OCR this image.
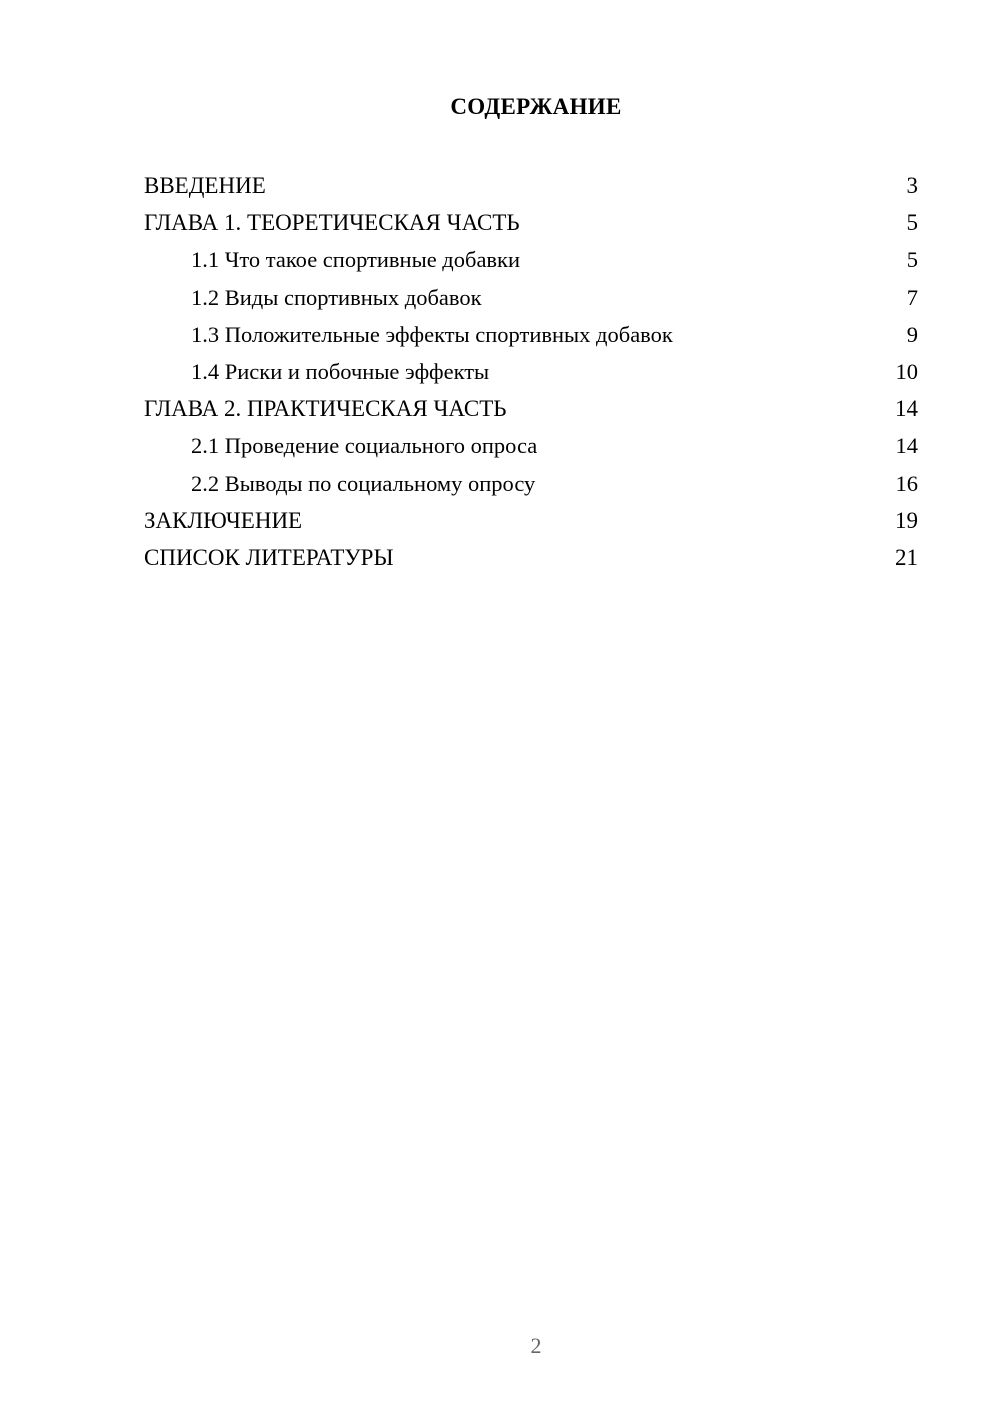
СОДЕРЖАНИЕ
ВВЕДЕНИЕ	3
ГЛАВА 1. ТЕОРЕТИЧЕСКАЯ ЧАСТЬ	5
1.1 Что такое спортивные добавки	5
1.2 Виды спортивных добавок	7
1.3 Положительные эффекты спортивных добавок	9
1.4 Риски и побочные эффекты	10
ГЛАВА 2. ПРАКТИЧЕСКАЯ ЧАСТЬ	14
2.1 Проведение социального опроса	14
2.2 Выводы по социальному опросу	16
ЗАКЛЮЧЕНИЕ	19
СПИСОК ЛИТЕРАТУРЫ	21
2
